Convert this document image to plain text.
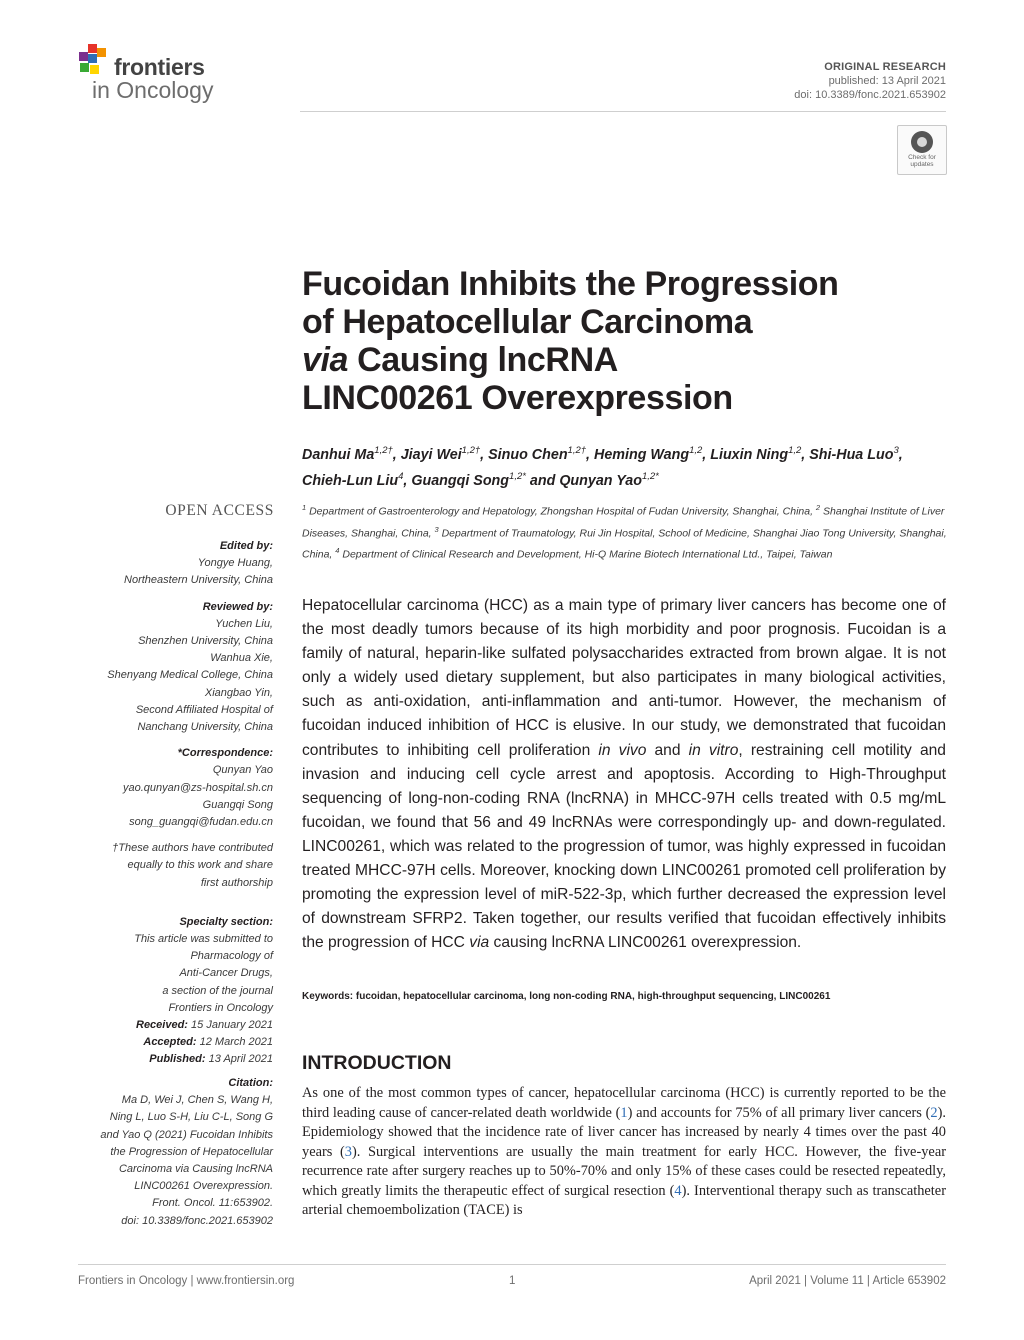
frontiers
in Oncology
ORIGINAL RESEARCH
published: 13 April 2021
doi: 10.3389/fonc.2021.653902
Check for
updates
Fucoidan Inhibits the Progression
of Hepatocellular Carcinoma
via Causing lncRNA
LINC00261 Overexpression
Danhui $Ma^{1,2\dagger}$, Jiayi Wei$^{1,2\dagger}$, Sinuo Chen$^{1,2\dagger}$, Heming Wang$^{1,2}$, Liuxin Ning$^{1,2}$, Shi-Hua Luo$^3$,
Chieh-Lun Liu$^4$, Guangqi Song$^{1,2*}$ and Qunyan Yao$^{1,2*}$
$^1$ Department of Gastroenterology and Hepatology, Zhongshan Hospital of Fudan University, Shanghai, China, $^2$ Shanghai Institute of Liver Diseases, Shanghai, China, $^3$ Department of Traumatology, Rui Jin Hospital, School of Medicine, Shanghai Jiao Tong University, Shanghai, China, $^4$ Department of Clinical Research and Development, Hi-Q Marine Biotech International Ltd., Taipei, Taiwan

Hepatocellular carcinoma (HCC) as a main type of primary liver cancers has become one of the most deadly tumors because of its high morbidity and poor prognosis. Fucoidan is a family of natural, heparin-like sulfated polysaccharides extracted from brown algae. It is not only a widely used dietary supplement, but also participates in many biological activities, such as anti-oxidation, anti-inflammation and anti-tumor. However, the mechanism of fucoidan induced inhibition of HCC is elusive. In our study, we demonstrated that fucoidan contributes to inhibiting cell proliferation in vivo and in vitro, restraining cell motility and invasion and inducing cell cycle arrest and apoptosis. According to High-Throughput sequencing of long-non-coding RNA (lncRNA) in MHCC-97H cells treated with 0.5 mg/mL fucoidan, we found that 56 and 49 lncRNAs were correspondingly up- and down-regulated. LINC00261, which was related to the progression of tumor, was highly expressed in fucoidan treated MHCC-97H cells. Moreover, knocking down LINC00261 promoted cell proliferation by promoting the expression level of miR-522-3p, which further decreased the expression level of downstream SFRP2. Taken together, our results verified that fucoidan effectively inhibits the progression of HCC via causing lncRNA LINC00261 overexpression.

Keywords: fucoidan, hepatocellular carcinoma, long non-coding RNA, high-throughput sequencing, LINC00261
INTRODUCTION

As one of the most common types of cancer, hepatocellular carcinoma (HCC) is currently reported to be the third leading cause of cancer-related death worldwide (1) and accounts for 75% of all primary liver cancers (2). Epidemiology showed that the incidence rate of liver cancer has increased by nearly 4 times over the past 40 years (3). Surgical interventions are usually the main treatment for early HCC. However, the five-year recurrence rate after surgery reaches up to 50%-70% and only 15% of these cases could be resected repeatedly, which greatly limits the therapeutic effect of surgical resection (4). Interventional therapy such as transcatheter arterial chemoembolization (TACE) is

OPEN ACCESS
Edited by:
Yongye Huang,
Northeastern University, China
Reviewed by:
Yuchen Liu,
Shenzhen University, China
Wanhua Xie,
Shenyang Medical College, China
Xiangbao Yin,
Second Affiliated Hospital of
Nanchang University, China
*Correspondence:
Qunyan Yao
yao.qunyan@zs-hospital.sh.cn
Guangqi Song
song_guangqi@fudan.edu.cn
†These authors have contributed
equally to this work and share
first authorship
Specialty section:
This article was submitted to
Pharmacology of
Anti-Cancer Drugs,
a section of the journal
Frontiers in Oncology
Received: 15 January 2021
Accepted: 12 March 2021
Published: 13 April 2021
Citation:
Ma D, Wei J, Chen S, Wang H,
Ning L, Luo S-H, Liu C-L, Song G
and Yao Q (2021) Fucoidan Inhibits
the Progression of Hepatocellular
Carcinoma via Causing lncRNA
LINC00261 Overexpression.
Front. Oncol. 11:653902.
doi: 10.3389/fonc.2021.653902
Frontiers in Oncology | www.frontiersin.org	1	April 2021 | Volume 11 | Article 653902
